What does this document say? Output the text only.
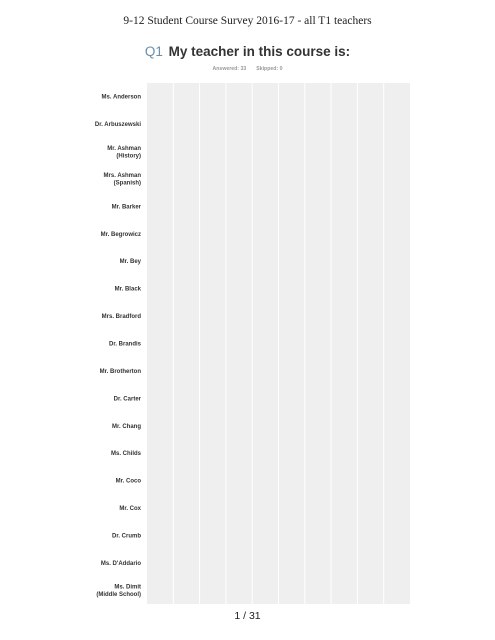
9-12 Student Course Survey 2016-17 - all T1 teachers
Q1 My teacher in this course is:
Answered: 33 Skipped: 0
Ms. Anderson
Dr. Arbuszewski
Mr. Ashman (History)
Mrs. Ashman (Spanish)
Mr. Barker
Mr. Begrowicz
Mr. Bey
Mr. Black
Mrs. Bradford
Dr. Brandis
Mr. Brotherton
Dr. Carter
Mr. Chang
Ms. Childs
Mr. Coco
Mr. Cox
Dr. Crumb
Ms. D'Addario
Ms. Dimit (Middle School)
1 / 31
